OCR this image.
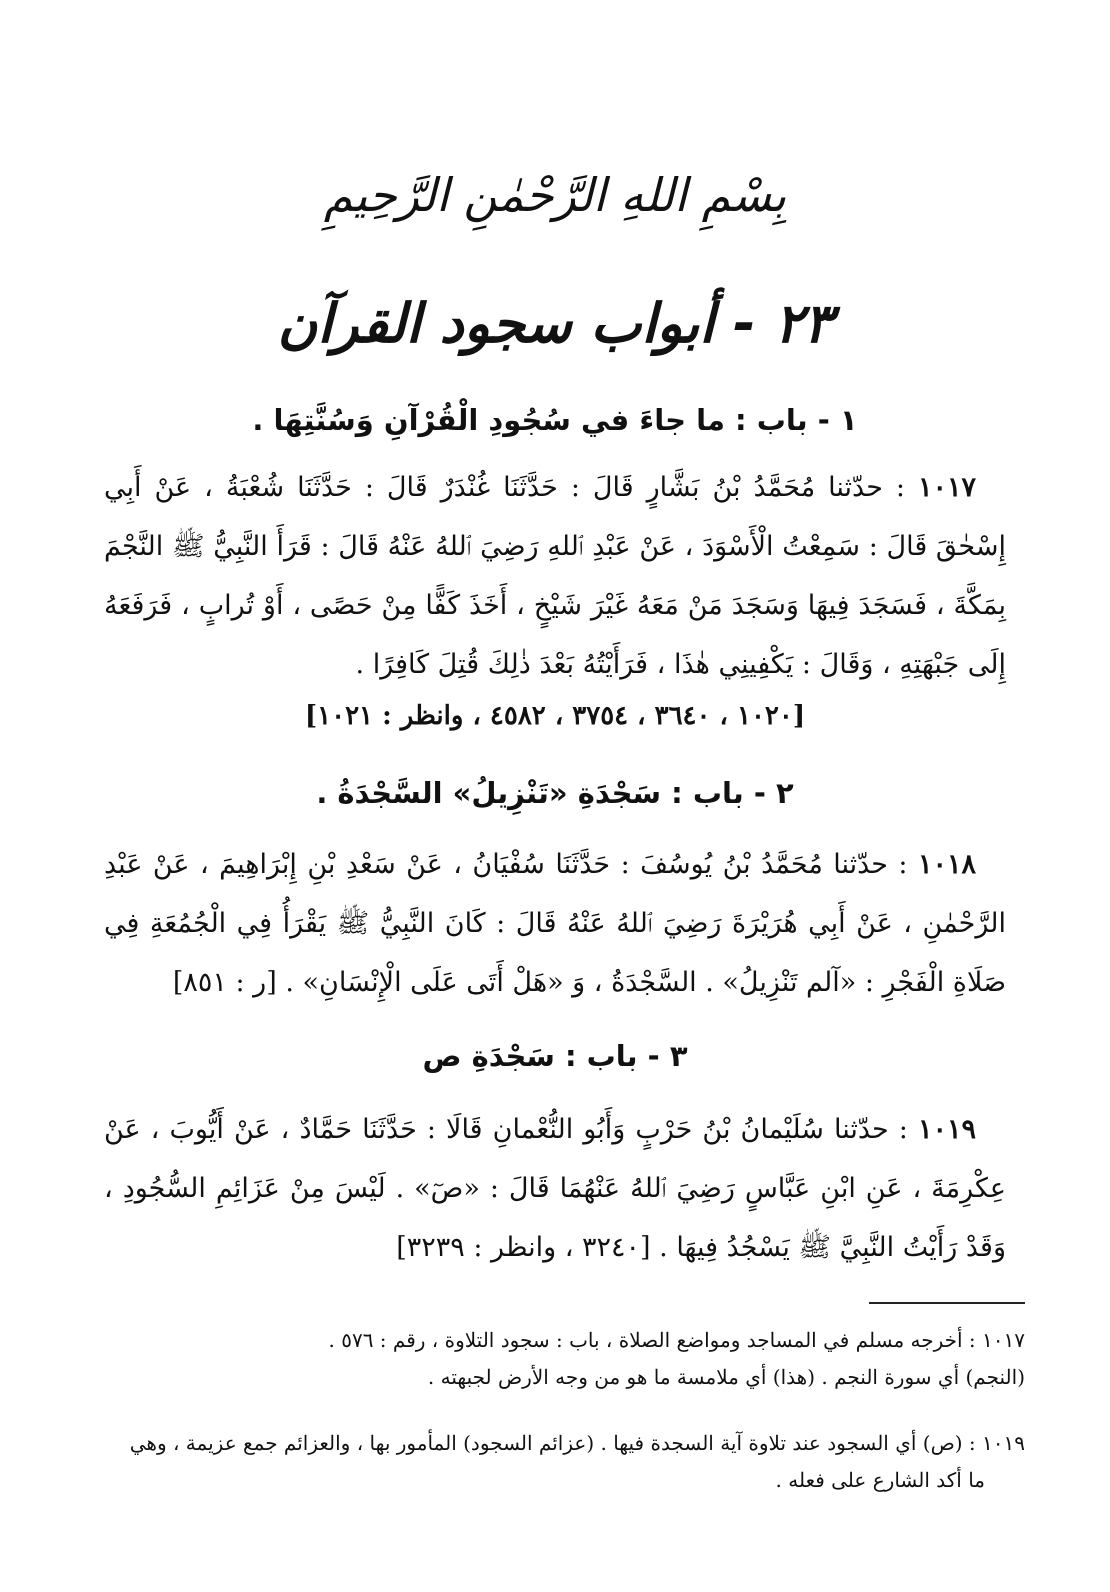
بِسْمِ اللهِ الرَّحْمٰنِ الرَّحِيمِ
٢٣ - أبواب سجود القرآن
١ - باب : ما جاءَ في سُجُودِ الْقُرْآنِ وَسُنَّتِهَا .

١٠١٧ : حدّثنا مُحَمَّدُ بْنُ بَشَّارٍ قَالَ : حَدَّثَنَا غُنْدَرٌ قَالَ : حَدَّثَنَا شُعْبَةُ ، عَنْ أَبِي إِسْحٰقَ قَالَ : سَمِعْتُ الْأَسْوَدَ ، عَنْ عَبْدِ ٱللهِ رَضِيَ ٱللهُ عَنْهُ قَالَ : قَرَأَ النَّبِيُّ ﷺ النَّجْمَ بِمَكَّةَ ، فَسَجَدَ فِيهَا وَسَجَدَ مَنْ مَعَهُ غَيْرَ شَيْخٍ ، أَخَذَ كَفًّا مِنْ حَصًى ، أَوْ تُرابٍ ، فَرَفَعَهُ إِلَى جَبْهَتِهِ ، وَقَالَ : يَكْفِينِي هٰذَا ، فَرَأَيْتُهُ بَعْدَ ذٰلِكَ قُتِلَ كَافِرًا .

[١٠٢٠ ، ٣٦٤٠ ، ٣٧٥٤ ، ٤٥٨٢ ، وانظر : ١٠٢١]
٢ - باب : سَجْدَةِ «تَنْزِيلُ» السَّجْدَةُ .

١٠١٨ : حدّثنا مُحَمَّدُ بْنُ يُوسُفَ : حَدَّثَنَا سُفْيَانُ ، عَنْ سَعْدِ بْنِ إِبْرَاهِيمَ ، عَنْ عَبْدِ الرَّحْمٰنِ ، عَنْ أَبِي هُرَيْرَةَ رَضِيَ ٱللهُ عَنْهُ قَالَ : كَانَ النَّبِيُّ ﷺ يَقْرَأُ فِي الْجُمُعَةِ فِي صَلَاةِ الْفَجْرِ : «آلم تَنْزِيلُ» . السَّجْدَةُ ، وَ «هَلْ أَتَى عَلَى الْإِنْسَانِ» . [ر : ٨٥١]

٣ - باب : سَجْدَةِ ص

١٠١٩ : حدّثنا سُلَيْمانُ بْنُ حَرْبٍ وَأَبُو النُّعْمانِ قَالَا : حَدَّثَنَا حَمَّادٌ ، عَنْ أَيُّوبَ ، عَنْ عِكْرِمَةَ ، عَنِ ابْنِ عَبَّاسٍ رَضِيَ ٱللهُ عَنْهُمَا قَالَ : «صٓ» . لَيْسَ مِنْ عَزَائِمِ السُّجُودِ ، وَقَدْ رَأَيْتُ النَّبِيَّ ﷺ يَسْجُدُ فِيهَا . [٣٢٤٠ ، وانظر : ٣٢٣٩]

١٠١٧ : أخرجه مسلم في المساجد ومواضع الصلاة ، باب : سجود التلاوة ، رقم : ٥٧٦ .
(النجم) أي سورة النجم . (هذا) أي ملامسة ما هو من وجه الأرض لجبهته .
١٠١٩ : (ص) أي السجود عند تلاوة آية السجدة فيها . (عزائم السجود) المأمور بها ، والعزائم جمع عزيمة ، وهي
ما أكد الشارع على فعله .
